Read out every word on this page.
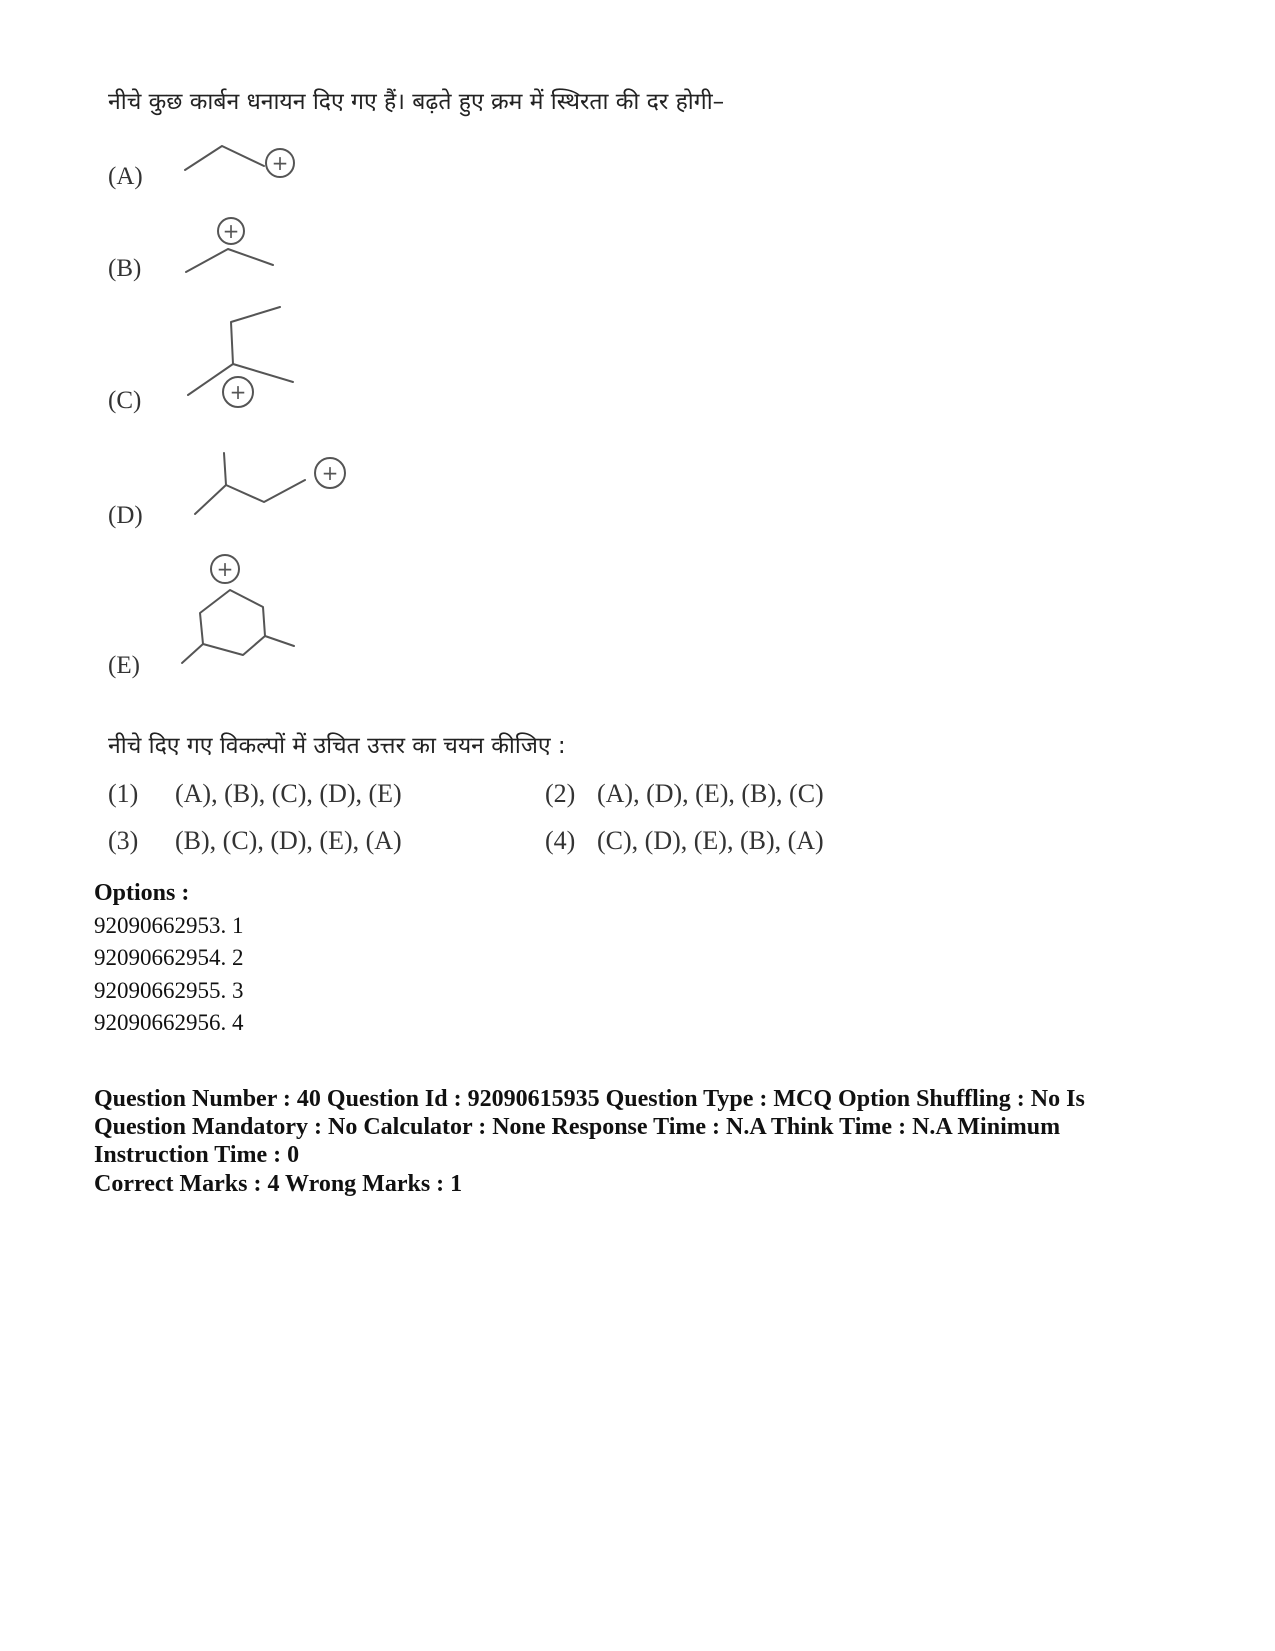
नीचे कुछ कार्बन धनायन दिए गए हैं। बढ़ते हुए क्रम में स्थिरता की दर होगी–
(A)	+
(B)
+
(C)	+
(D)
+
(E)
+
नीचे दिए गए विकल्पों में उचित उत्तर का चयन कीजिए :
(1) (A), (B), (C), (D), (E)	(2) (A), (D), (E), (B), (C)
(3) (B), (C), (D), (E), (A)	(4) (C), (D), (E), (B), (A)
Options :
92090662953. 1
92090662954. 2
92090662955. 3
92090662956. 4
Question Number : 40 Question Id : 92090615935 Question Type : MCQ Option Shuffling : No Is Question Mandatory : No Calculator : None Response Time : N.A Think Time : N.A Minimum Instruction Time : 0
Correct Marks : 4 Wrong Marks : 1
